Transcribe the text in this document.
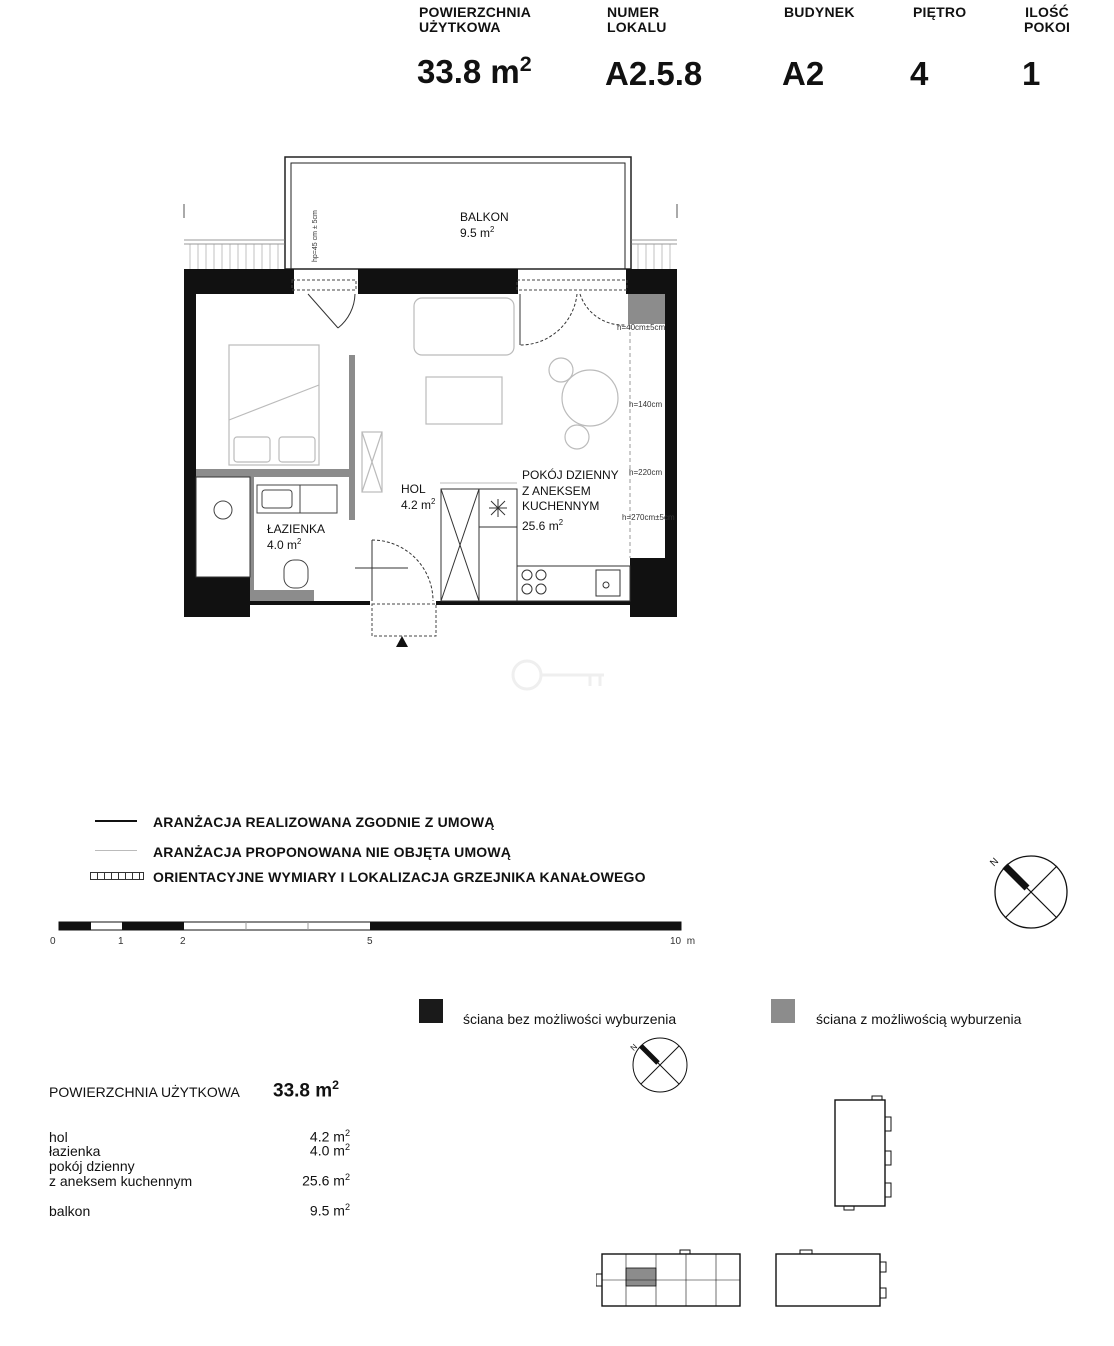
POWIERZCHNIA
UŻYTKOWA
33.8 $m^2$
NUMER
LOKALU
A2.5.8
BUDYNEK
A2
PIĘTRO
4
ILOŚĆ
POKOI
1
BALKON
9.5 $m^2$
HOL
4.2 $m^2$
ŁAZIENKA
4.0 $m^2$
POKÓJ DZIENNY
Z ANEKSEM
KUCHENNYM
25.6 $m^2$
hp=45 cm ± 5cm
h=40cm±5cm
h=140cm
h=220cm
h=270cm±5cm
ARANŻACJA REALIZOWANA ZGODNIE Z UMOWĄ
ARANŻACJA PROPONOWANA NIE OBJĘTA UMOWĄ
ORIENTACYJNE WYMIARY I LOKALIZACJA GRZEJNIKA KANAŁOWEGO
N
0	1	2	5	10 m
ściana bez możliwości wyburzenia	ściana z możliwością wyburzenia
N
POWIERZCHNIA UŻYTKOWA 33.8 $m^2$
hol	4.2 $m^2$
łazienka	4.0 $m^2$
pokój dzienny
z aneksem kuchennym	25.6 $m^2$
balkon	9.5 $m^2$
